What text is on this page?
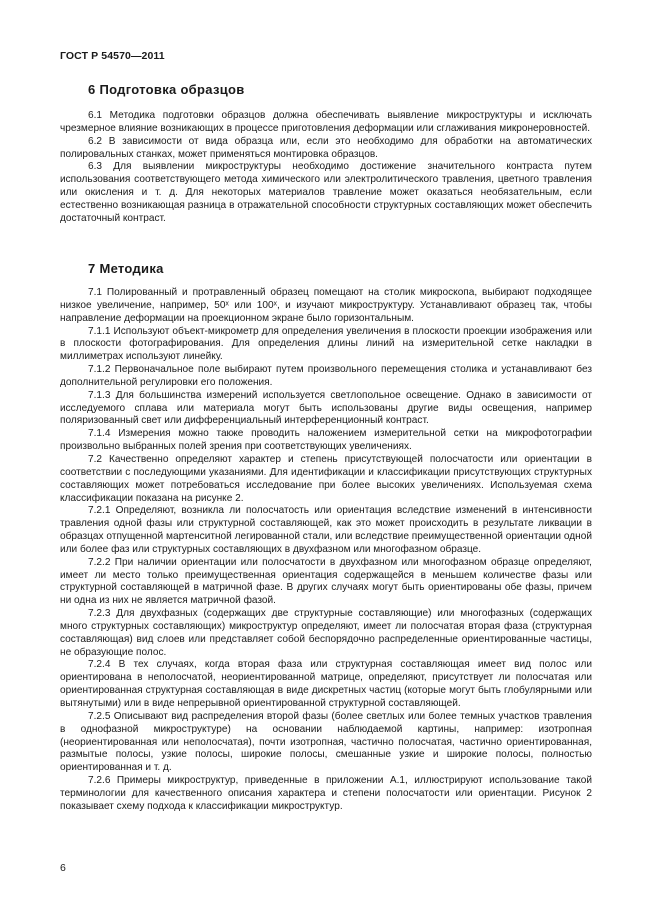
ГОСТ Р 54570—2011
6 Подготовка образцов

6.1 Методика подготовки образцов должна обеспечивать выявление микроструктуры и исключать чрезмерное влияние возникающих в процессе приготовления деформации или сглаживания микронеровностей.

6.2 В зависимости от вида образца или, если это необходимо для обработки на автоматических полировальных станках, может применяться монтировка образцов.

6.3 Для выявлении микроструктуры необходимо достижение значительного контраста путем использования соответствующего метода химического или электролитического травления, цветного травления или окисления и т. д. Для некоторых материалов травление может оказаться необязательным, если естественно возникающая разница в отражательной способности структурных составляющих может обеспечить достаточный контраст.

7 Методика

7.1 Полированный и протравленный образец помещают на столик микроскопа, выбирают подходящее низкое увеличение, например, 50ˣ или 100ˣ, и изучают микроструктуру. Устанавливают образец так, чтобы направление деформации на проекционном экране было горизонтальным.

7.1.1 Используют объект-микрометр для определения увеличения в плоскости проекции изображения или в плоскости фотографирования. Для определения длины линий на измерительной сетке накладки в миллиметрах используют линейку.

7.1.2 Первоначальное поле выбирают путем произвольного перемещения столика и устанавливают без дополнительной регулировки его положения.

7.1.3 Для большинства измерений используется светлопольное освещение. Однако в зависимости от исследуемого сплава или материала могут быть использованы другие виды освещения, например поляризованный свет или дифференциальный интерференционный контраст.

7.1.4 Измерения можно также проводить наложением измерительной сетки на микрофотографии произвольно выбранных полей зрения при соответствующих увеличениях.

7.2 Качественно определяют характер и степень присутствующей полосчатости или ориентации в соответствии с последующими указаниями. Для идентификации и классификации присутствующих структурных составляющих может потребоваться исследование при более высоких увеличениях. Используемая схема классификации показана на рисунке 2.

7.2.1 Определяют, возникла ли полосчатость или ориентация вследствие изменений в интенсивности травления одной фазы или структурной составляющей, как это может происходить в результате ликвации в образцах отпущенной мартенситной легированной стали, или вследствие преимущественной ориентации одной или более фаз или структурных составляющих в двухфазном или многофазном образце.

7.2.2 При наличии ориентации или полосчатости в двухфазном или многофазном образце определяют, имеет ли место только преимущественная ориентация содержащейся в меньшем количестве фазы или структурной составляющей в матричной фазе. В других случаях могут быть ориентированы обе фазы, причем ни одна из них не является матричной фазой.

7.2.3 Для двухфазных (содержащих две структурные составляющие) или многофазных (содержащих много структурных составляющих) микроструктур определяют, имеет ли полосчатая вторая фаза (структурная составляющая) вид слоев или представляет собой беспорядочно распределенные ориентированные частицы, не образующие полос.

7.2.4 В тех случаях, когда вторая фаза или структурная составляющая имеет вид полос или ориентирована в неполосчатой, неориентированной матрице, определяют, присутствует ли полосчатая или ориентированная структурная составляющая в виде дискретных частиц (которые могут быть глобулярными или вытянутыми) или в виде непрерывной ориентированной структурной составляющей.

7.2.5 Описывают вид распределения второй фазы (более светлых или более темных участков травления в однофазной микроструктуре) на основании наблюдаемой картины, например: изотропная (неориентированная или неполосчатая), почти изотропная, частично полосчатая, частично ориентированная, размытые полосы, узкие полосы, широкие полосы, смешанные узкие и широкие полосы, полностью ориентированная и т. д.

7.2.6 Примеры микроструктур, приведенные в приложении А.1, иллюстрируют использование такой терминологии для качественного описания характера и степени полосчатости или ориентации. Рисунок 2 показывает схему подхода к классификации микроструктур.

6
